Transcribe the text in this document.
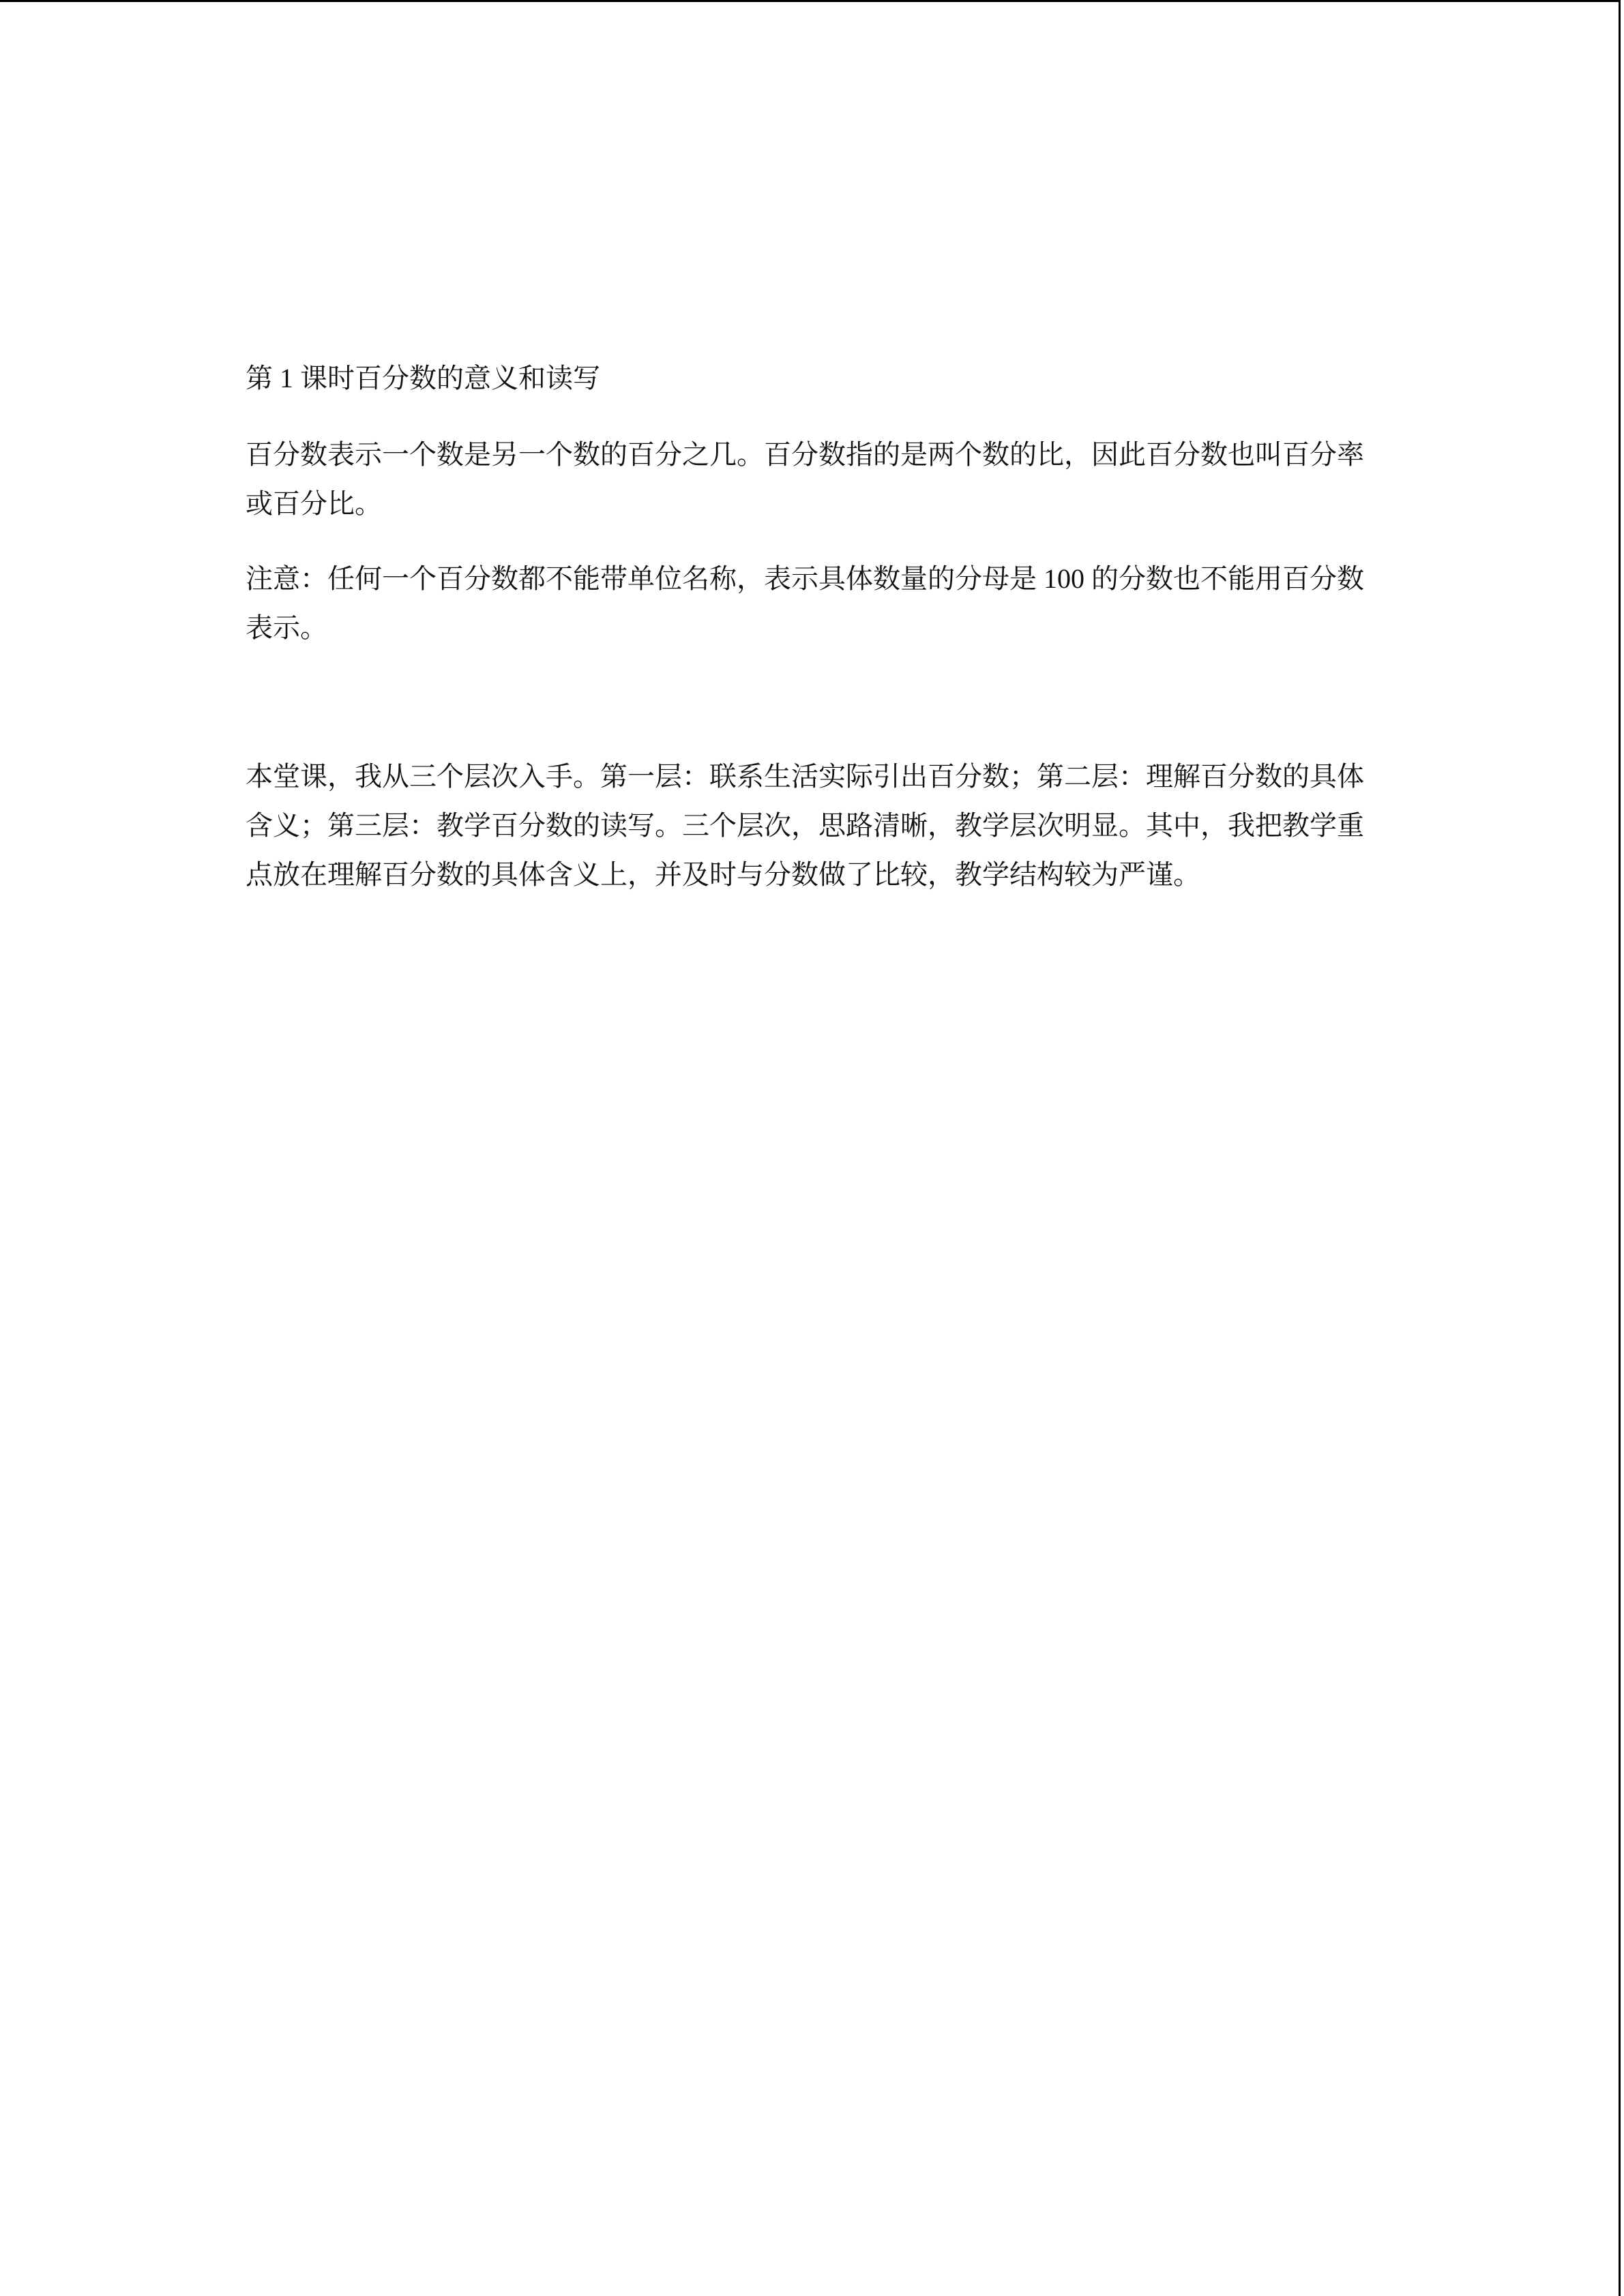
第 1 课时百分数的意义和读写

百分数表示一个数是另一个数的百分之几。百分数指的是两个数的比，因此百分数也叫百分率或百分比。

注意：任何一个百分数都不能带单位名称，表示具体数量的分母是 100 的分数也不能用百分数表示。

本堂课，我从三个层次入手。第一层：联系生活实际引出百分数；第二层：理解百分数的具体含义；第三层：教学百分数的读写。三个层次，思路清晰，教学层次明显。其中，我把教学重点放在理解百分数的具体含义上，并及时与分数做了比较，教学结构较为严谨。
